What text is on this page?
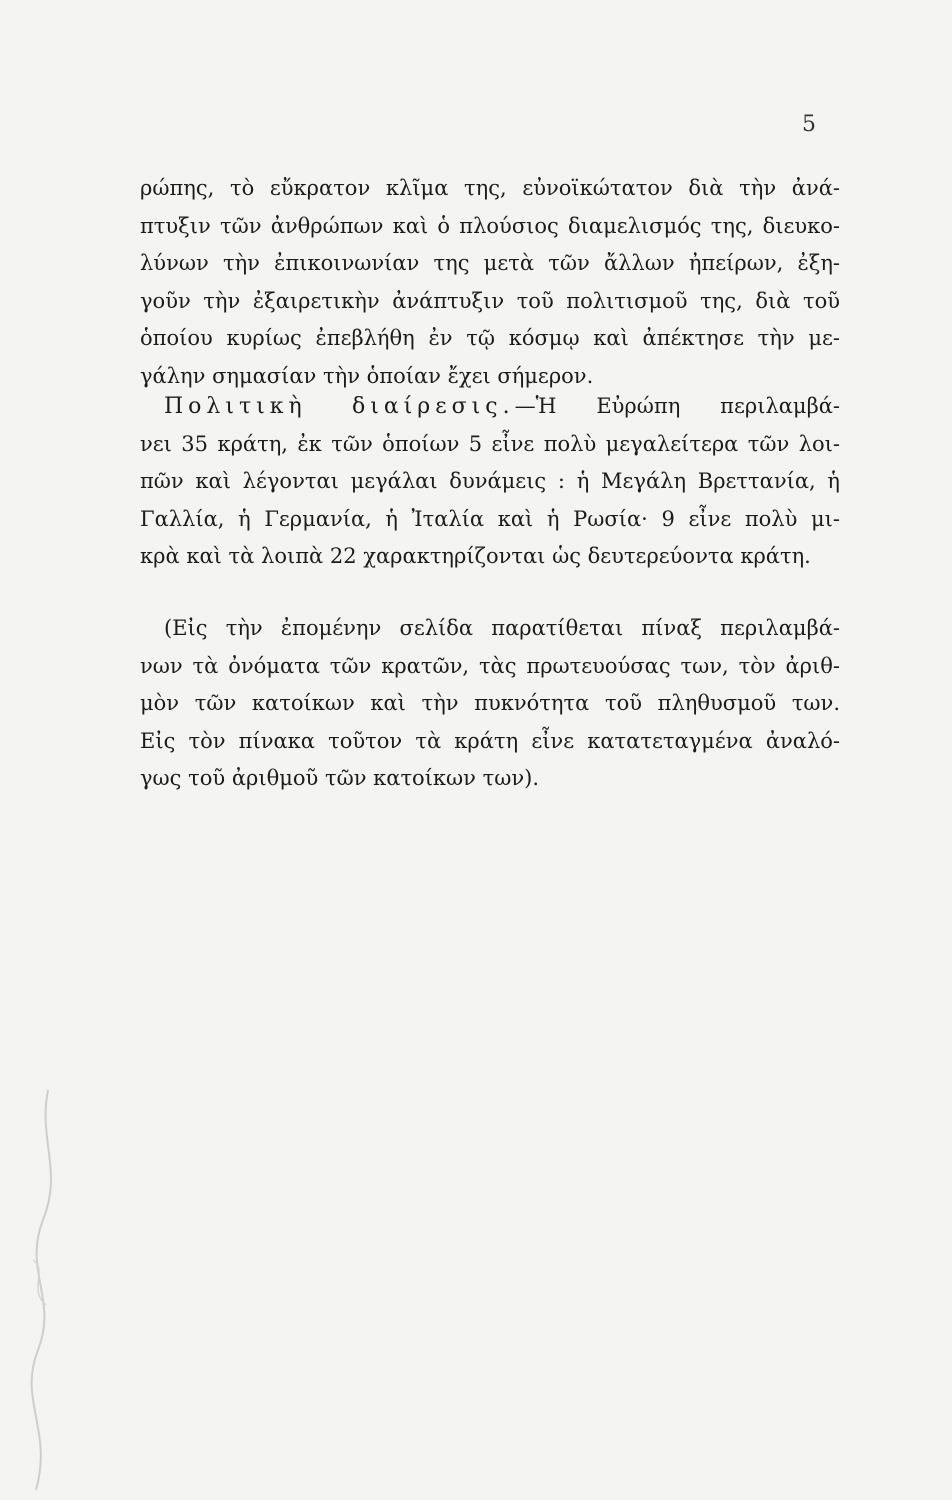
5
ρώπης, τὸ εὔκρατον κλῖμα της, εὐνοϊκώτατον διὰ τὴν ἀνά-
πτυξιν τῶν ἀνθρώπων καὶ ὁ πλούσιος διαμελισμός της, διευκο-
λύνων τὴν ἐπικοινωνίαν της μετὰ τῶν ἄλλων ἠπείρων, ἐξη-
γοῦν τὴν ἐξαιρετικὴν ἀνάπτυξιν τοῦ πολιτισμοῦ της, διὰ τοῦ
ὁποίου κυρίως ἐπεβλήθη ἐν τῷ κόσμῳ καὶ ἀπέκτησε τὴν με-
γάλην σημασίαν τὴν ὁποίαν ἔχει σήμερον.
Πολιτικὴ διαίρεσις.—Ἡ Εὐρώπη περιλαμβά-
νει 35 κράτη, ἐκ τῶν ὁποίων 5 εἶνε πολὺ μεγαλείτερα τῶν λοι-
πῶν καὶ λέγονται μεγάλαι δυνάμεις : ἡ Μεγάλη Βρεττανία, ἡ
Γαλλία, ἡ Γερμανία, ἡ Ἰταλία καὶ ἡ Ρωσία· 9 εἶνε πολὺ μι-
κρὰ καὶ τὰ λοιπὰ 22 χαρακτηρίζονται ὡς δευτερεύοντα κράτη.
(Εἰς τὴν ἐπομένην σελίδα παρατίθεται πίναξ περιλαμβά-
νων τὰ ὀνόματα τῶν κρατῶν, τὰς πρωτευούσας των, τὸν ἀριθ-
μὸν τῶν κατοίκων καὶ τὴν πυκνότητα τοῦ πληθυσμοῦ των.
Εἰς τὸν πίνακα τοῦτον τὰ κράτη εἶνε κατατεταγμένα ἀναλό-
γως τοῦ ἀριθμοῦ τῶν κατοίκων των).
